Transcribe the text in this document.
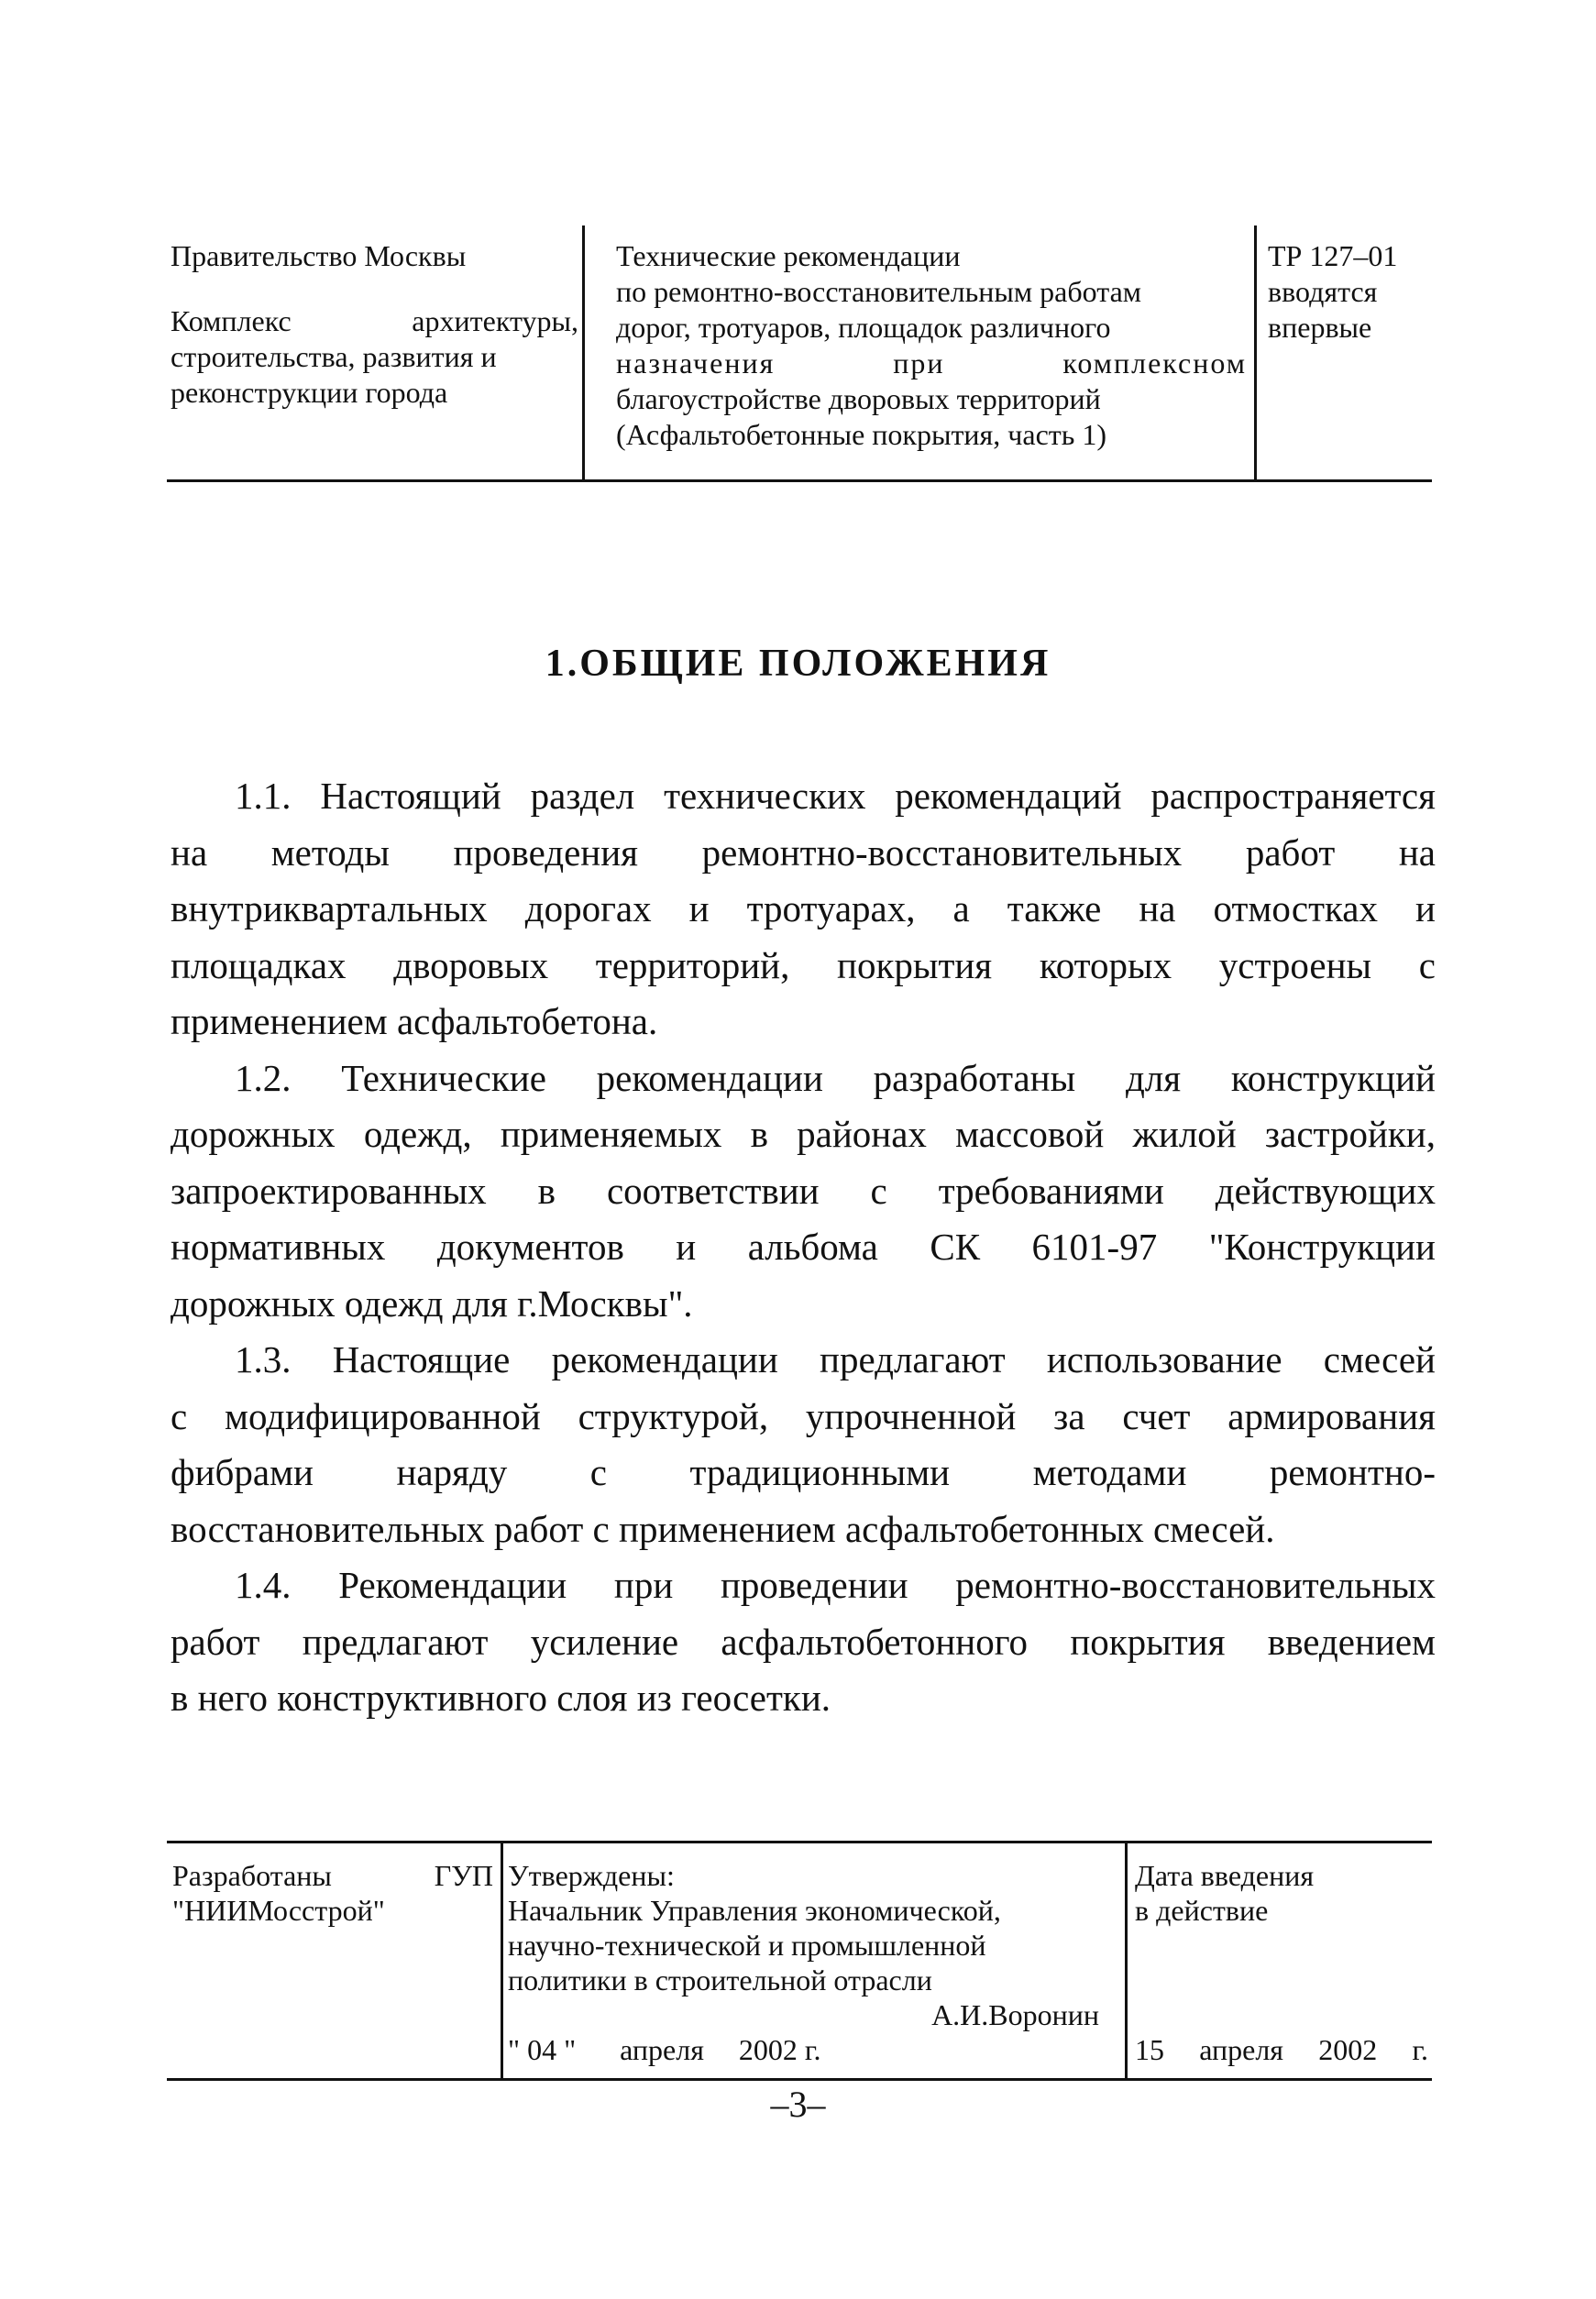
Правительство Москвы
Комплекс архитектуры,
строительства, развития и
реконструкции города
Технические рекомендации
по ремонтно-восстановительным работам
дорог, тротуаров, площадок различного
назначения при комплексном
благоустройстве дворовых территорий
(Асфальтобетонные покрытия, часть 1)
ТР 127–01
вводятся
впервые
1.ОБЩИЕ ПОЛОЖЕНИЯ
1.1. Настоящий раздел технических рекомендаций распространяется
на методы проведения ремонтно-восстановительных работ на
внутриквартальных дорогах и тротуарах, а также на отмостках и
площадках дворовых территорий, покрытия которых устроены с
применением асфальтобетона.
1.2. Технические рекомендации разработаны для конструкций
дорожных одежд, применяемых в районах массовой жилой застройки,
запроектированных в соответствии с требованиями действующих
нормативных документов и альбома СК 6101-97 "Конструкции
дорожных одежд для г.Москвы".
1.3. Настоящие рекомендации предлагают использование смесей
с модифицированной структурой, упрочненной за счет армирования
фибрами наряду с традиционными методами ремонтно-
восстановительных работ с применением асфальтобетонных смесей.
1.4. Рекомендации при проведении ремонтно-восстановительных
работ предлагают усиление асфальтобетонного покрытия введением
в него конструктивного слоя из геосетки.
Разработаны ГУП
"НИИМосстрой"
Утверждены:
Начальник Управления экономической,
научно-технической и промышленной
политики в строительной отрасли
А.И.Воронин
" 04 " апреля 2002 г.
Дата введения
в действие
15 апреля 2002 г.
–3–
